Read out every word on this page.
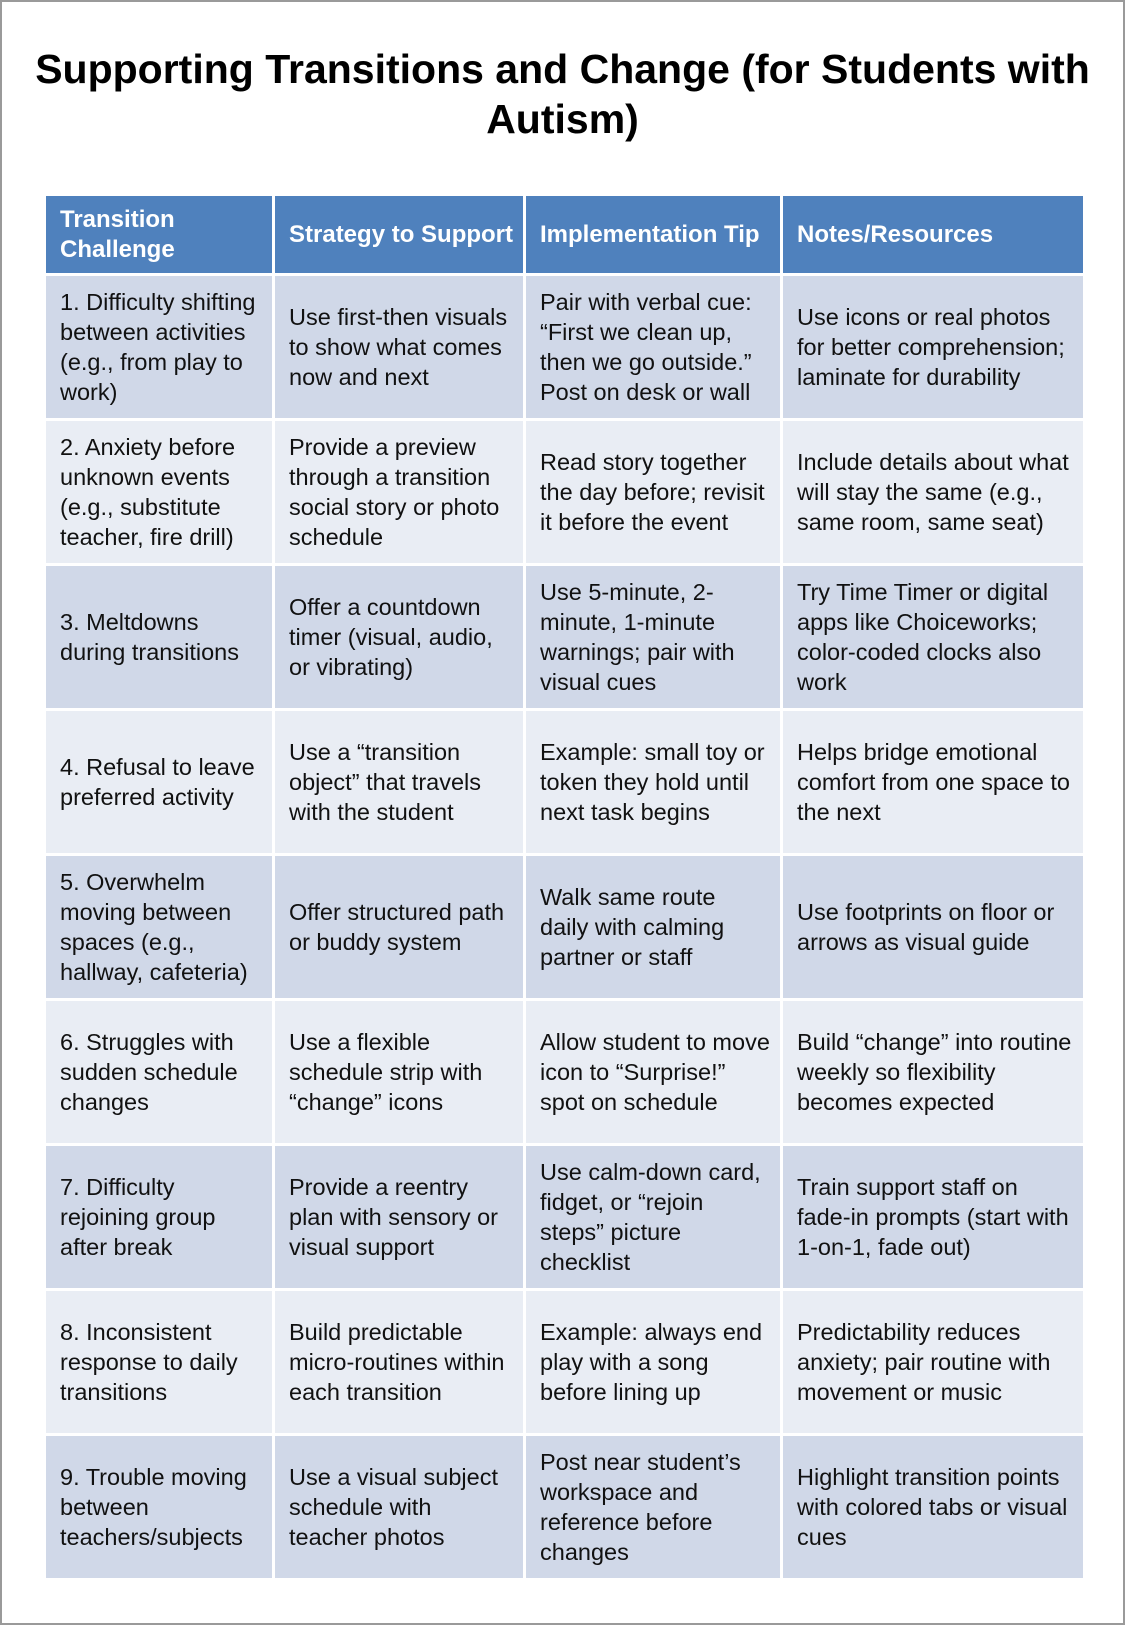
Supporting Transitions and Change (for Students with Autism)
Transition Challenge	Strategy to Support	Implementation Tip	Notes/Resources
1. Difficulty shifting between activities (e.g., from play to work)	Use first-then visuals to show what comes now and next	Pair with verbal cue: “First we clean up, then we go outside.” Post on desk or wall	Use icons or real photos for better comprehension; laminate for durability
2. Anxiety before unknown events (e.g., substitute teacher, fire drill)	Provide a preview through a transition social story or photo schedule	Read story together the day before; revisit it before the event	Include details about what will stay the same (e.g., same room, same seat)
3. Meltdowns during transitions	Offer a countdown timer (visual, audio, or vibrating)	Use 5-minute, 2-minute, 1-minute warnings; pair with visual cues	Try Time Timer or digital apps like Choiceworks; color-coded clocks also work
4. Refusal to leave preferred activity	Use a “transition object” that travels with the student	Example: small toy or token they hold until next task begins	Helps bridge emotional comfort from one space to the next
5. Overwhelm moving between spaces (e.g., hallway, cafeteria)	Offer structured path or buddy system	Walk same route daily with calming partner or staff	Use footprints on floor or arrows as visual guide
6. Struggles with sudden schedule changes	Use a flexible schedule strip with “change” icons	Allow student to move icon to “Surprise!” spot on schedule	Build “change” into routine weekly so flexibility becomes expected
7. Difficulty rejoining group after break	Provide a reentry plan with sensory or visual support	Use calm-down card, fidget, or “rejoin steps” picture checklist	Train support staff on fade-in prompts (start with 1-on-1, fade out)
8. Inconsistent response to daily transitions	Build predictable micro-routines within each transition	Example: always end play with a song before lining up	Predictability reduces anxiety; pair routine with movement or music
9. Trouble moving between teachers/subjects	Use a visual subject schedule with teacher photos	Post near student’s workspace and reference before changes	Highlight transition points with colored tabs or visual cues
